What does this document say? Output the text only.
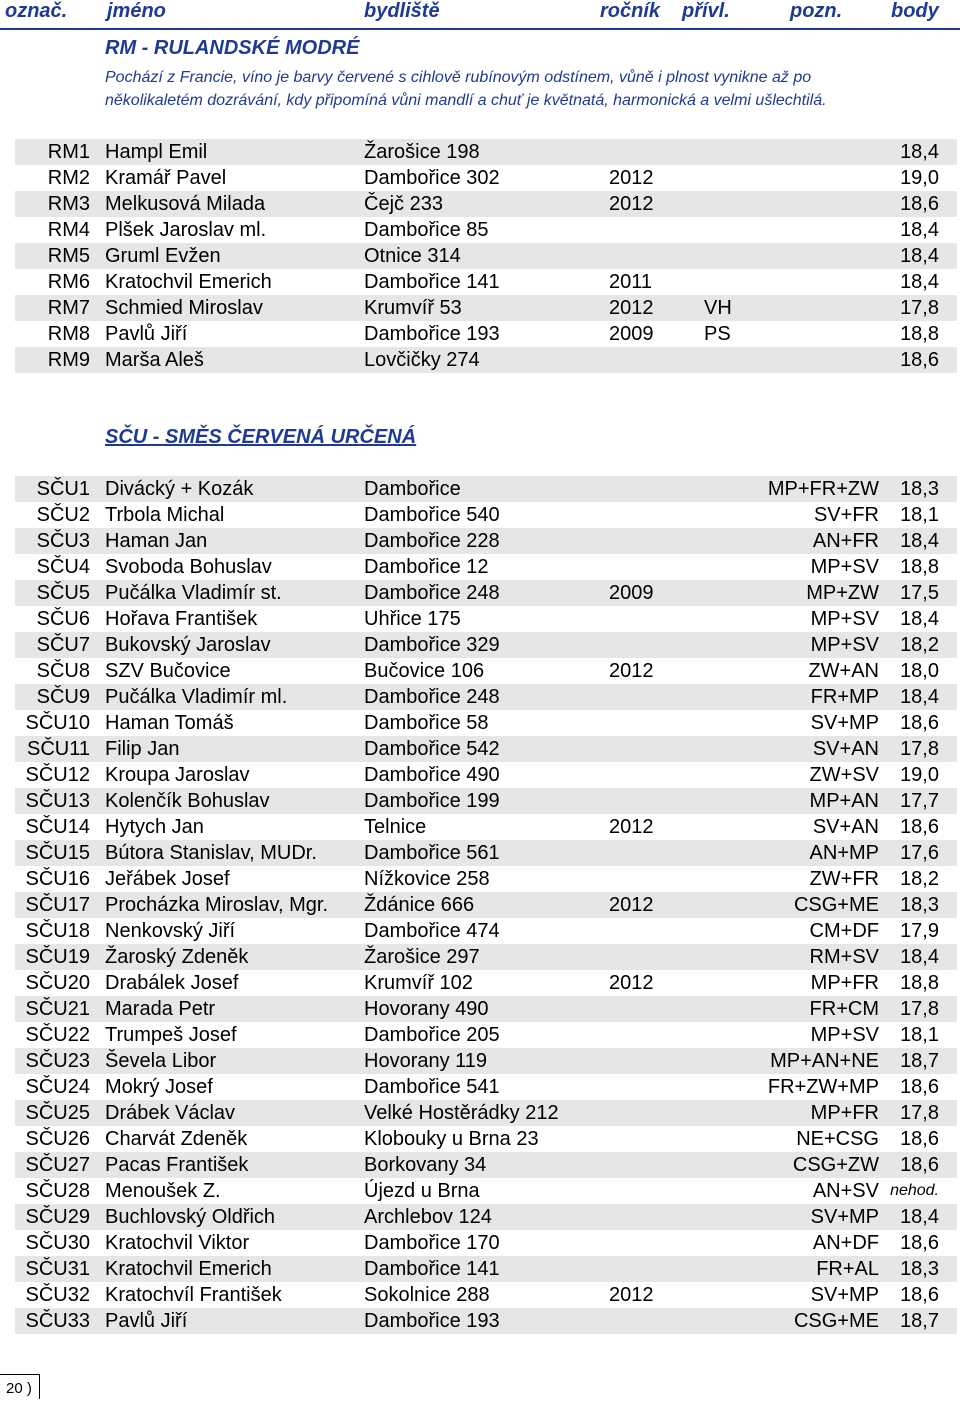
označ. jméno	bydliště	ročník přívl.	pozn. body
RM - RULANDSKÉ MODRÉ
Pochází z Francie, víno je barvy červené s cihlově rubínovým odstínem, vůně i plnost vynikne až po několikaletém dozrávání, kdy připomíná vůni mandlí a chuť je květnatá, harmonická a velmi ušlechtilá.
RM1 Hampl Emil	Žarošice 198	18,4
RM2 Kramář Pavel	Dambořice 302	2012	19,0
RM3 Melkusová Milada	Čejč 233	2012	18,6
RM4 Plšek Jaroslav ml.	Dambořice 85	18,4
RM5 Gruml Evžen	Otnice 314	18,4
RM6 Kratochvil Emerich	Dambořice 141	2011	18,4
RM7 Schmied Miroslav	Krumvíř 53	2012	VH	17,8
RM8 Pavlů Jiří	Dambořice 193	2009	PS	18,8
RM9 Marša Aleš	Lovčičky 274	18,6
SČU - SMĚS ČERVENÁ URČENÁ
SČU1 Divácký + Kozák	Dambořice	MP+FR+ZW 18,3
SČU2 Trbola Michal	Dambořice 540	SV+FR 18,1
SČU3 Haman Jan	Dambořice 228	AN+FR 18,4
SČU4 Svoboda Bohuslav	Dambořice 12	MP+SV 18,8
SČU5 Pučálka Vladimír st.	Dambořice 248	2009	MP+ZW 17,5
SČU6 Hořava František	Uhřice 175	MP+SV 18,4
SČU7 Bukovský Jaroslav	Dambořice 329	MP+SV 18,2
SČU8 SZV Bučovice	Bučovice 106	2012	ZW+AN 18,0
SČU9 Pučálka Vladimír ml.	Dambořice 248	FR+MP 18,4
SČU10 Haman Tomáš	Dambořice 58	SV+MP 18,6
SČU11 Filip Jan	Dambořice 542	SV+AN 17,8
SČU12 Kroupa Jaroslav	Dambořice 490	ZW+SV 19,0
SČU13 Kolenčík Bohuslav	Dambořice 199	MP+AN 17,7
SČU14 Hytych Jan	Telnice	2012	SV+AN 18,6
SČU15 Bútora Stanislav, MUDr. Dambořice 561	AN+MP 17,6
SČU16 Jeřábek Josef	Nížkovice 258	ZW+FR 18,2
SČU17 Procházka Miroslav, Mgr. Ždánice 666	2012	CSG+ME 18,3
SČU18 Nenkovský Jiří	Dambořice 474	CM+DF 17,9
SČU19 Žaroský Zdeněk	Žarošice 297	RM+SV 18,4
SČU20 Drabálek Josef	Krumvíř 102	2012	MP+FR 18,8
SČU21 Marada Petr	Hovorany 490	FR+CM 17,8
SČU22 Trumpeš Josef	Dambořice 205	MP+SV 18,1
SČU23 Ševela Libor	Hovorany 119	MP+AN+NE 18,7
SČU24 Mokrý Josef	Dambořice 541	FR+ZW+MP 18,6
SČU25 Drábek Václav	Velké Hostěrádky 212	MP+FR 17,8
SČU26 Charvát Zdeněk	Klobouky u Brna 23	NE+CSG 18,6
SČU27 Pacas František	Borkovany 34	CSG+ZW 18,6
SČU28 Menoušek Z.	Újezd u Brna	AN+SV nehod.
SČU29 Buchlovský Oldřich	Archlebov 124	SV+MP 18,4
SČU30 Kratochvil Viktor	Dambořice 170	AN+DF 18,6
SČU31 Kratochvil Emerich	Dambořice 141	FR+AL 18,3
SČU32 Kratochvíl František	Sokolnice 288	2012	SV+MP 18,6
SČU33 Pavlů Jiří	Dambořice 193	CSG+ME 18,7
20 )
